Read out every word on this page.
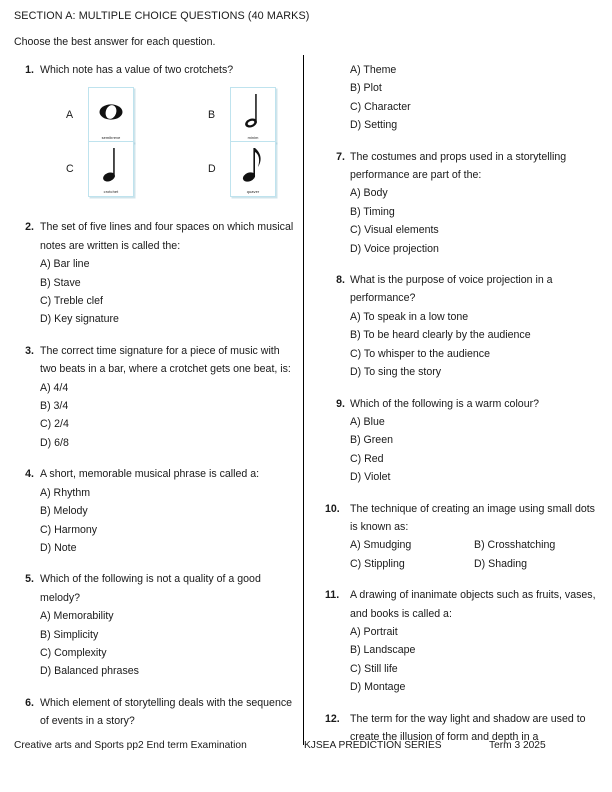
SECTION A: MULTIPLE CHOICE QUESTIONS (40 MARKS)
Choose the best answer for each question.
1. Which note has a value of two crotchets?

A
semibreve
B
minim
C
crotchet
D
quaver
2. The set of five lines and four spaces on which musical notes are written is called the:

A) Bar line
B) Stave
C) Treble clef
D) Key signature
3. The correct time signature for a piece of music with two beats in a bar, where a crotchet gets one beat, is:

A) 4/4
B) 3/4
C) 2/4
D) 6/8
4. A short, memorable musical phrase is called a:

A) Rhythm
B) Melody
C) Harmony
D) Note
5. Which of the following is not a quality of a good melody?

A) Memorability
B) Simplicity
C) Complexity
D) Balanced phrases
6. Which element of storytelling deals with the sequence of events in a story?

A) Theme
B) Plot
C) Character
D) Setting
7. The costumes and props used in a storytelling performance are part of the:

A) Body
B) Timing
C) Visual elements
D) Voice projection
8. What is the purpose of voice projection in a performance?

A) To speak in a low tone
B) To be heard clearly by the audience
C) To whisper to the audience
D) To sing the story
9. Which of the following is a warm colour?

A) Blue
B) Green
C) Red
D) Violet
10. The technique of creating an image using small dots is known as:

A) Smudging	B) Crosshatching
C) Stippling	D) Shading
11.	A drawing of inanimate objects such as fruits, vases, and books is called a:

A) Portrait
B) Landscape
C) Still life
D) Montage
12. The term for the way light and shadow are used to create the illusion of form and depth in a

Creative arts and Sports pp2 End term Examination	KJSEA PREDICTION SERIES	Term 3 2025
